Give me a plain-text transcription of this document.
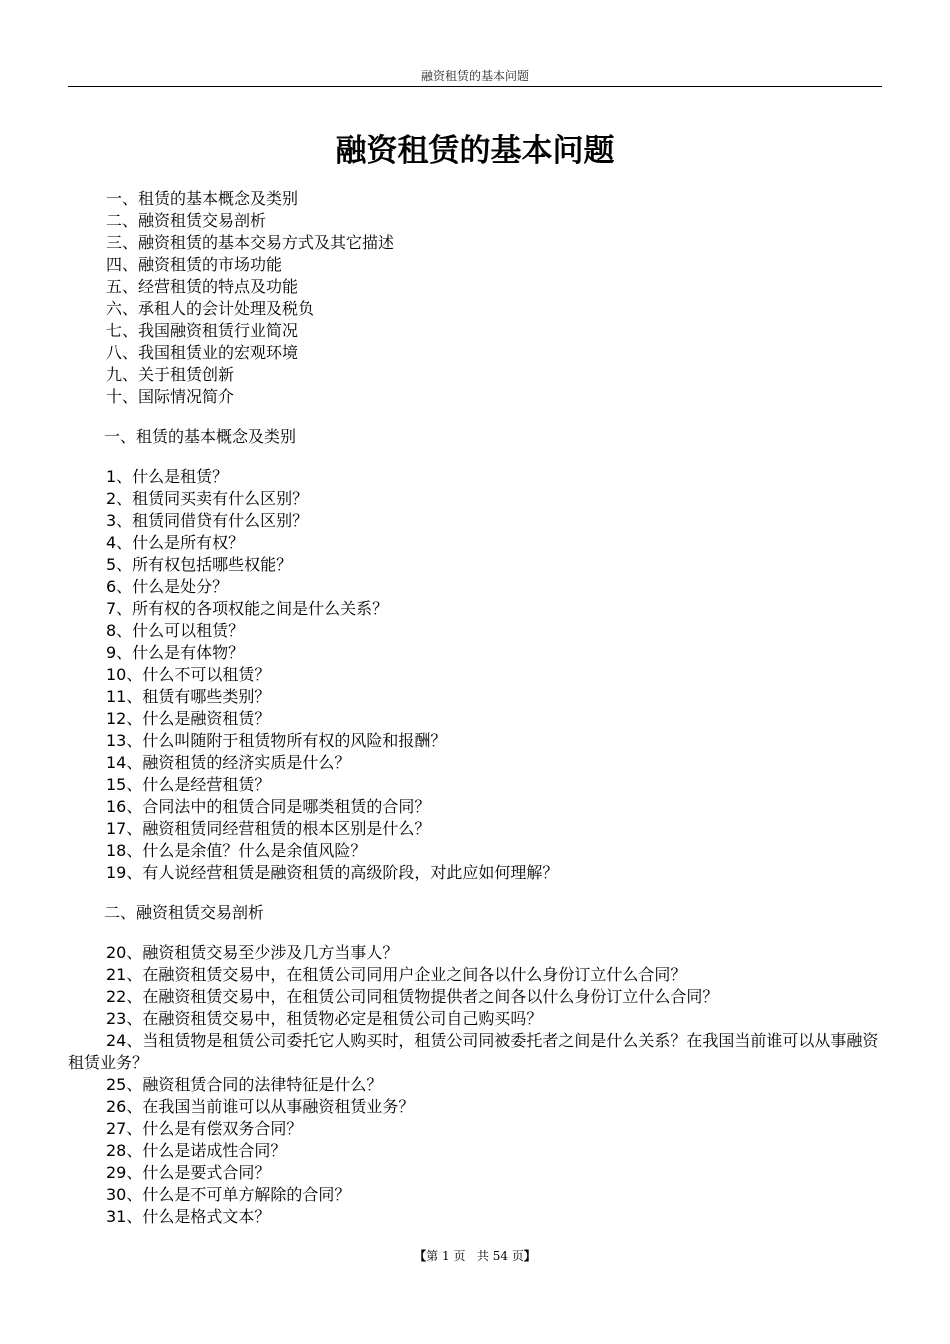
融资租赁的基本问题
融资租赁的基本问题
一、租赁的基本概念及类别
二、融资租赁交易剖析
三、融资租赁的基本交易方式及其它描述
四、融资租赁的市场功能
五、经营租赁的特点及功能
六、承租人的会计处理及税负
七、我国融资租赁行业简况
八、我国租赁业的宏观环境
九、关于租赁创新
十、国际情况简介
一、租赁的基本概念及类别
1、什么是租赁？
2、租赁同买卖有什么区别？
3、租赁同借贷有什么区别？
4、什么是所有权？
5、所有权包括哪些权能？
6、什么是处分？
7、所有权的各项权能之间是什么关系？
8、什么可以租赁？
9、什么是有体物？
10、什么不可以租赁？
11、租赁有哪些类别？
12、什么是融资租赁？
13、什么叫随附于租赁物所有权的风险和报酬？
14、融资租赁的经济实质是什么？
15、什么是经营租赁？
16、合同法中的租赁合同是哪类租赁的合同？
17、融资租赁同经营租赁的根本区别是什么？
18、什么是余值？什么是余值风险？
19、有人说经营租赁是融资租赁的高级阶段，对此应如何理解？
二、融资租赁交易剖析
20、融资租赁交易至少涉及几方当事人？
21、在融资租赁交易中，在租赁公司同用户企业之间各以什么身份订立什么合同？
22、在融资租赁交易中，在租赁公司同租赁物提供者之间各以什么身份订立什么合同？
23、在融资租赁交易中，租赁物必定是租赁公司自己购买吗？

24、当租赁物是租赁公司委托它人购买时，租赁公司同被委托者之间是什么关系？在我国当前谁可以从事融资租赁业务？

25、融资租赁合同的法律特征是什么？
26、在我国当前谁可以从事融资租赁业务？
27、什么是有偿双务合同？
28、什么是诺成性合同？
29、什么是要式合同？
30、什么是不可单方解除的合同？
31、什么是格式文本？
【第 1 页 共 54 页】
